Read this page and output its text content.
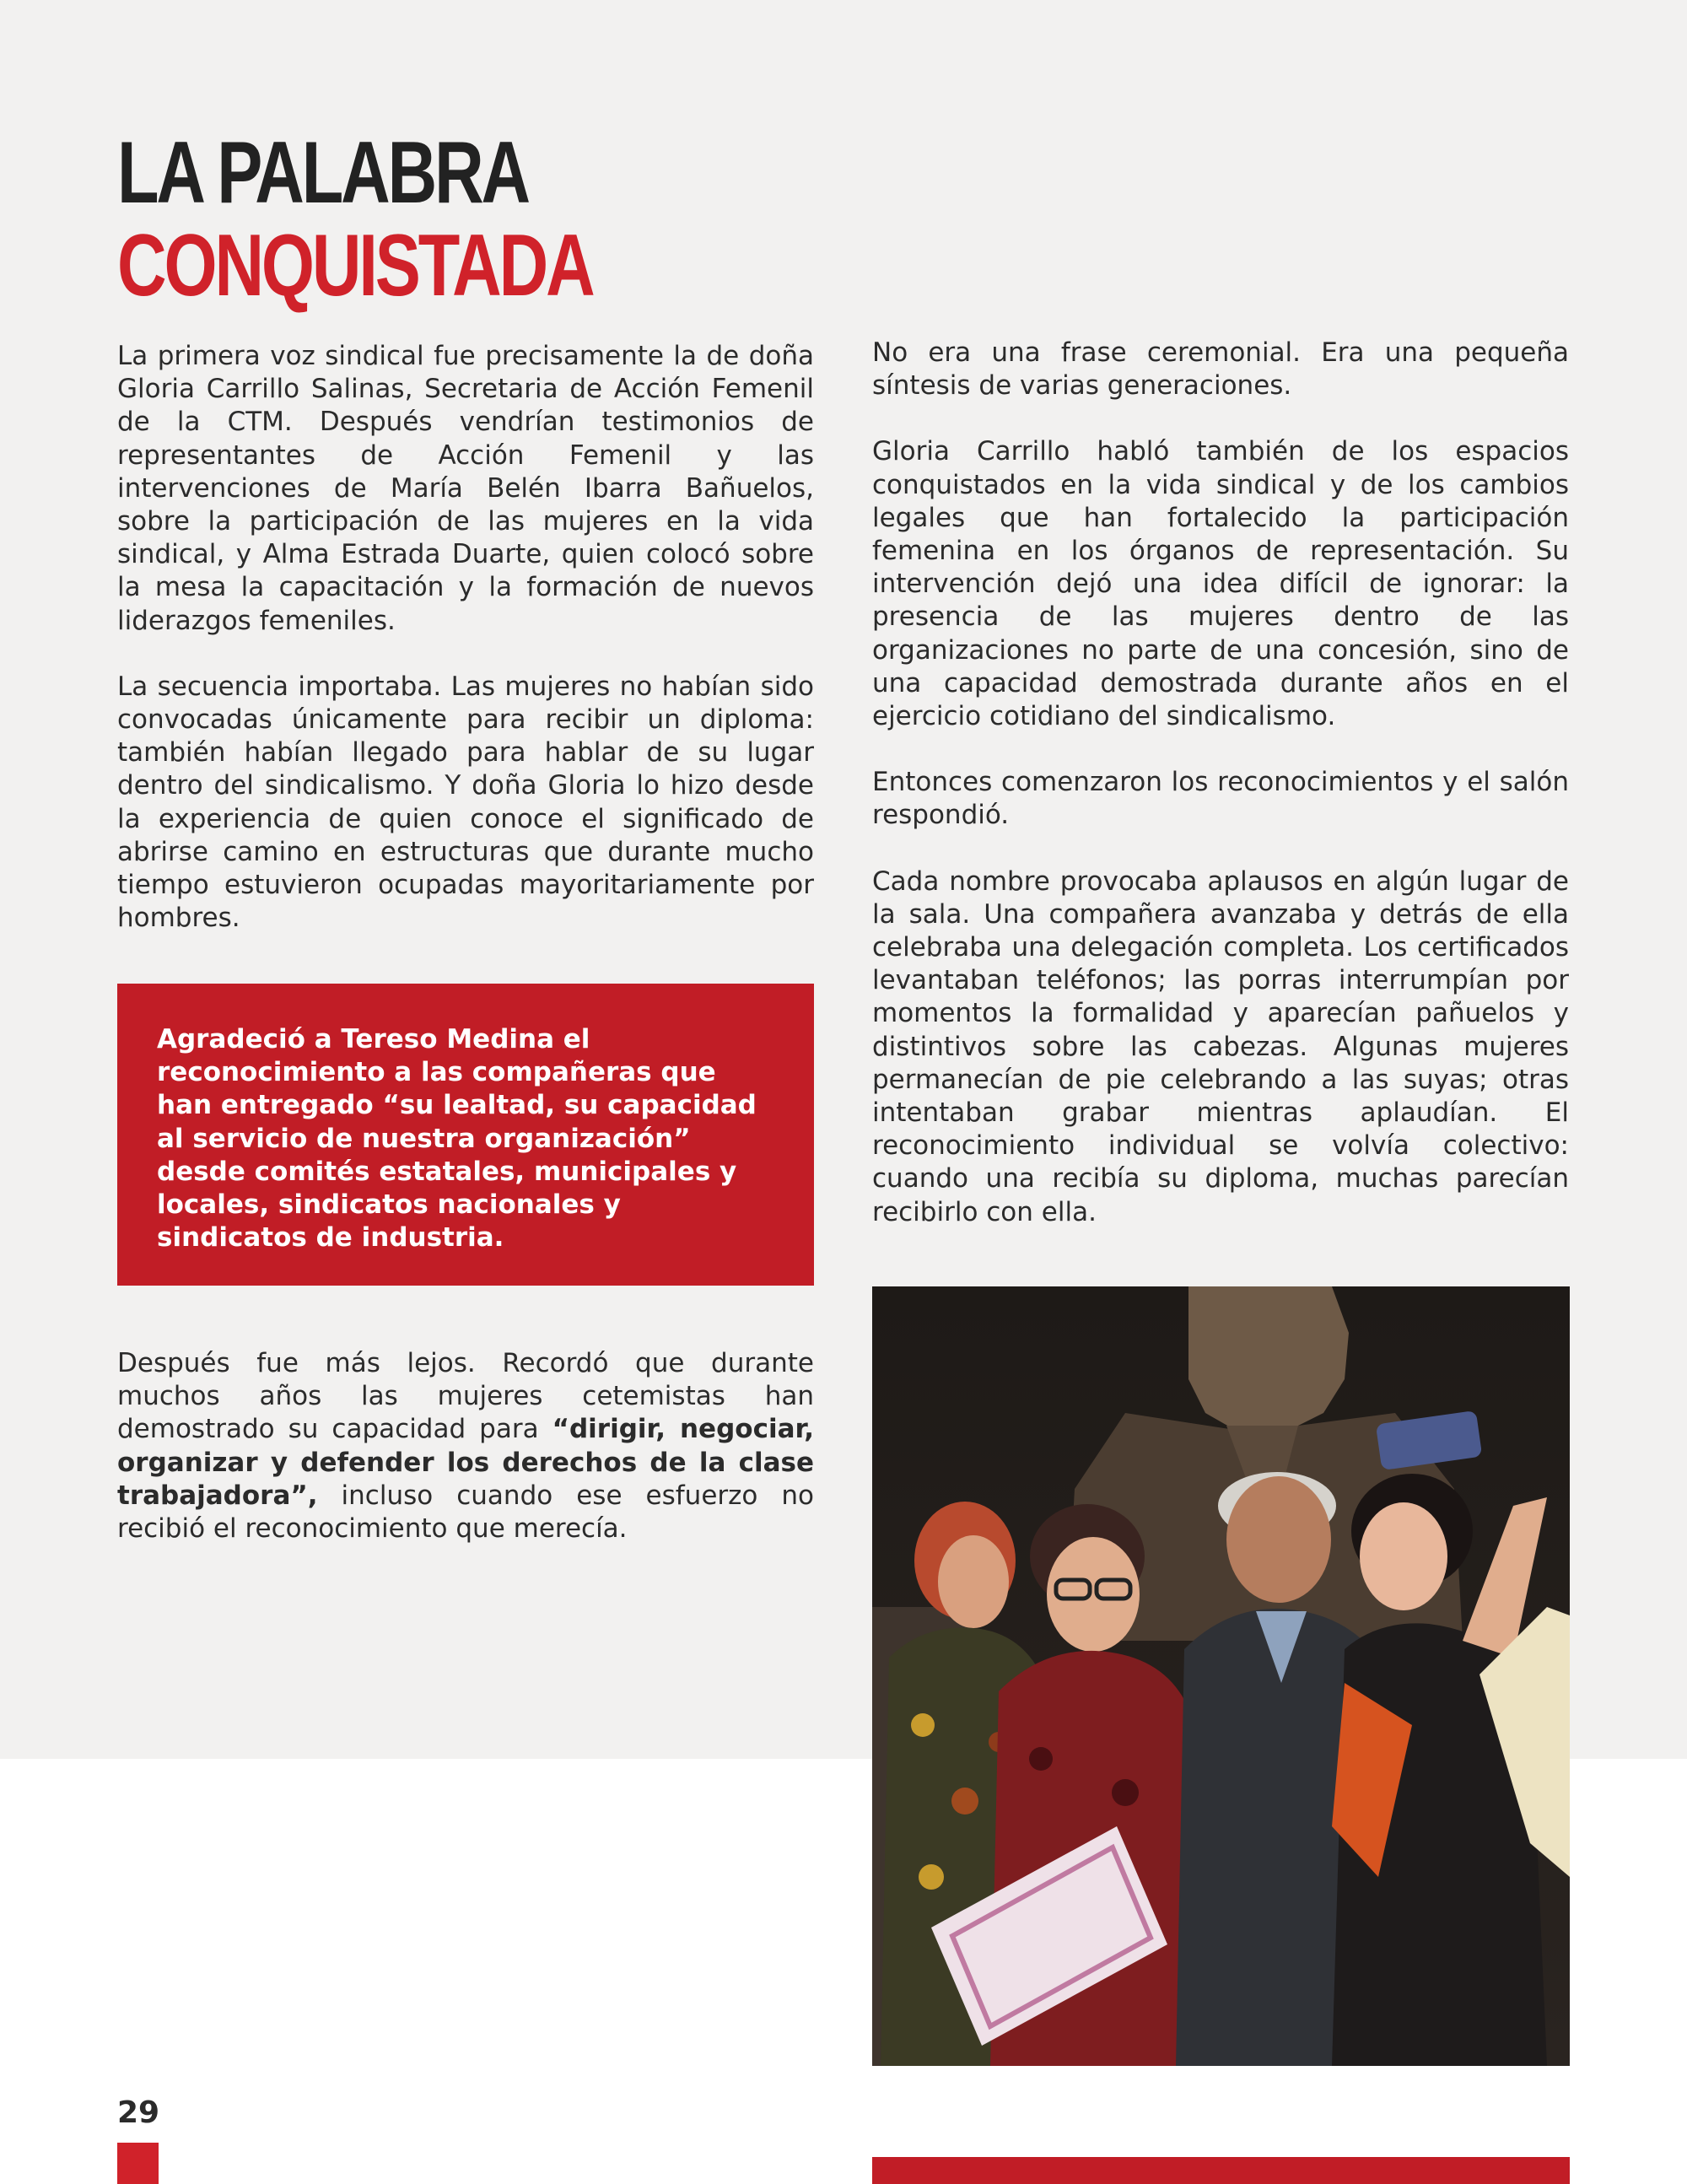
LA PALABRA
CONQUISTADA

La primera voz sindical fue precisamente la de doña Gloria Carrillo Salinas, Secretaria de Acción Femenil de la CTM. Después vendrían testimonios de representantes de Acción Femenil y las intervenciones de María Belén Ibarra Bañuelos, sobre la participación de las mujeres en la vida sindical, y Alma Estrada Duarte, quien colocó sobre la mesa la capacitación y la formación de nuevos liderazgos femeniles.

La secuencia importaba. Las mujeres no habían sido convocadas únicamente para recibir un diploma: también habían llegado para hablar de su lugar dentro del sindicalismo. Y doña Gloria lo hizo desde la experiencia de quien conoce el significado de abrirse camino en estructuras que durante mucho tiempo estuvieron ocupadas mayoritariamente por hombres.

Agradeció a Tereso Medina el reconocimiento a las compañeras que han entregado “su lealtad, su capacidad al servicio de nuestra organización” desde comités estatales, municipales y locales, sindicatos nacionales y sindicatos de industria.

Después fue más lejos. Recordó que durante muchos años las mujeres cetemistas han demostrado su capacidad para “dirigir, negociar, organizar y defender los derechos de la clase trabajadora”, incluso cuando ese esfuerzo no recibió el reconocimiento que merecía.

No era una frase ceremonial. Era una pequeña síntesis de varias generaciones.

Gloria Carrillo habló también de los espacios conquistados en la vida sindical y de los cambios legales que han fortalecido la participación femenina en los órganos de representación. Su intervención dejó una idea difícil de ignorar: la presencia de las mujeres dentro de las organizaciones no parte de una concesión, sino de una capacidad demostrada durante años en el ejercicio cotidiano del sindicalismo.

Entonces comenzaron los reconocimientos y el salón respondió.

Cada nombre provocaba aplausos en algún lugar de la sala. Una compañera avanzaba y detrás de ella celebraba una delegación completa. Los certificados levantaban teléfonos; las porras interrumpían por momentos la formalidad y aparecían pañuelos y distintivos sobre las cabezas. Algunas mujeres permanecían de pie celebrando a las suyas; otras intentaban grabar mientras aplaudían. El reconocimiento individual se volvía colectivo: cuando una recibía su diploma, muchas parecían recibirlo con ella.

29
